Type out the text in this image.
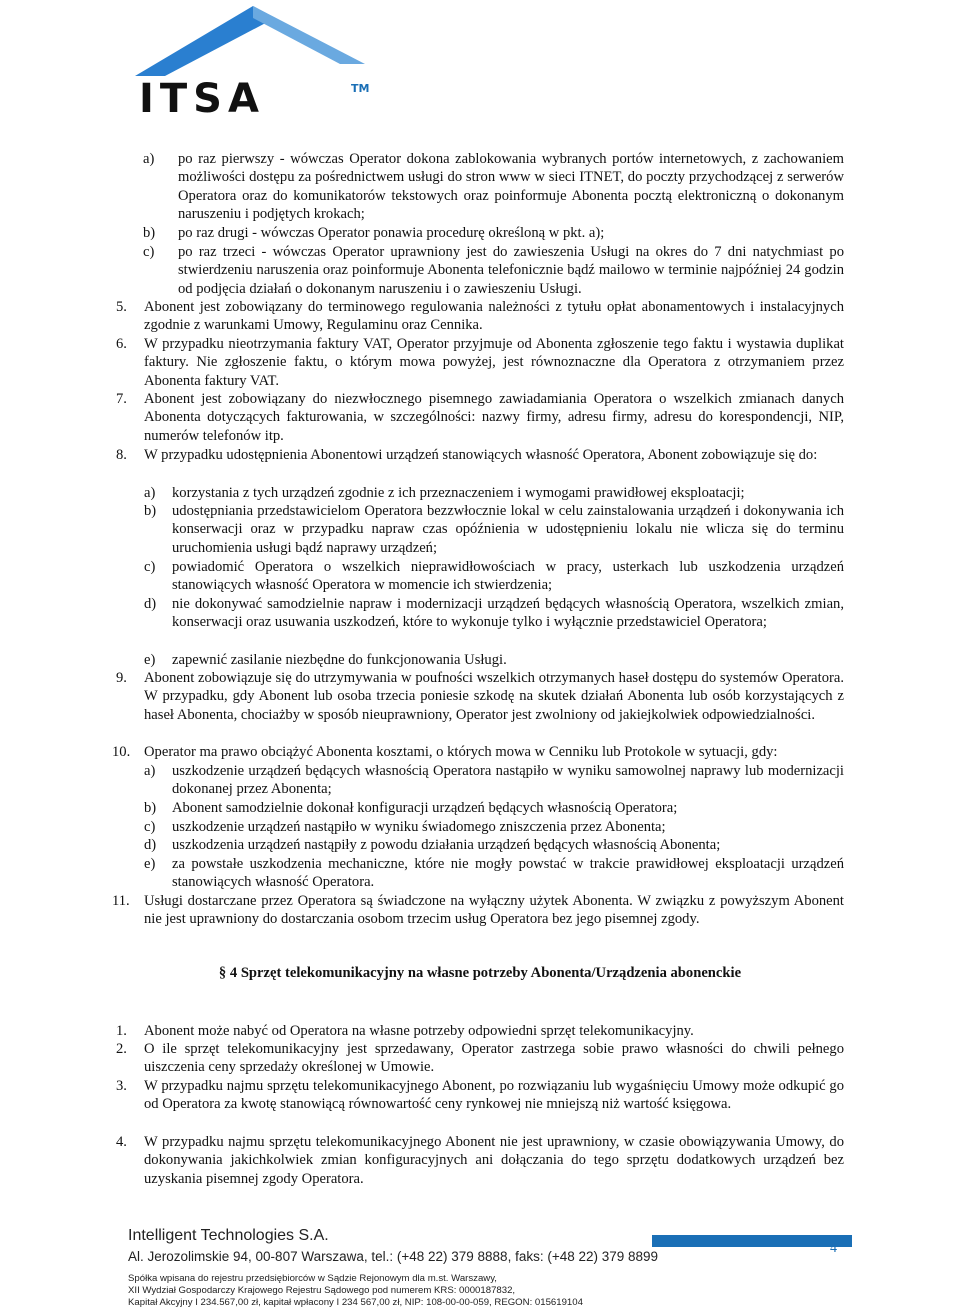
ITSA	TM
a) po raz pierwszy - wówczas Operator dokona zablokowania wybranych portów internetowych, z zachowaniem możliwości dostępu za pośrednictwem usługi do stron www w sieci ITNET, do poczty przychodzącej z serwerów Operatora oraz do komunikatorów tekstowych oraz poinformuje Abonenta pocztą elektroniczną o dokonanym naruszeniu i podjętych krokach;

b) po raz drugi - wówczas Operator ponawia procedurę określoną w pkt. a);

c) po raz trzeci - wówczas Operator uprawniony jest do zawieszenia Usługi na okres do 7 dni natychmiast po stwierdzeniu naruszenia oraz poinformuje Abonenta telefonicznie bądź mailowo w terminie najpóźniej 24 godzin od podjęcia działań o dokonanym naruszeniu i o zawieszeniu Usługi.

5. Abonent jest zobowiązany do terminowego regulowania należności z tytułu opłat abonamentowych i instalacyjnych zgodnie z warunkami Umowy, Regulaminu oraz Cennika.

6. W przypadku nieotrzymania faktury VAT, Operator przyjmuje od Abonenta zgłoszenie tego faktu i wystawia duplikat faktury. Nie zgłoszenie faktu, o którym mowa powyżej, jest równoznaczne dla Operatora z otrzymaniem przez Abonenta faktury VAT.

7. Abonent jest zobowiązany do niezwłocznego pisemnego zawiadamiania Operatora o wszelkich zmianach danych Abonenta dotyczących fakturowania, w szczególności: nazwy firmy, adresu firmy, adresu do korespondencji, NIP, numerów telefonów itp.

8. W przypadku udostępnienia Abonentowi urządzeń stanowiących własność Operatora, Abonent zobowiązuje się do:

a) korzystania z tych urządzeń zgodnie z ich przeznaczeniem i wymogami prawidłowej eksploatacji;

b) udostępniania przedstawicielom Operatora bezzwłocznie lokal w celu zainstalowania urządzeń i dokonywania ich konserwacji oraz w przypadku napraw czas opóźnienia w udostępnieniu lokalu nie wlicza się do terminu uruchomienia usługi bądź naprawy urządzeń;

c) powiadomić Operatora o wszelkich nieprawidłowościach w pracy, usterkach lub uszkodzenia urządzeń stanowiących własność Operatora w momencie ich stwierdzenia;

d) nie dokonywać samodzielnie napraw i modernizacji urządzeń będących własnością Operatora, wszelkich zmian, konserwacji oraz usuwania uszkodzeń, które to wykonuje tylko i wyłącznie przedstawiciel Operatora;

e) zapewnić zasilanie niezbędne do funkcjonowania Usługi.

9. Abonent zobowiązuje się do utrzymywania w poufności wszelkich otrzymanych haseł dostępu do systemów Operatora. W przypadku, gdy Abonent lub osoba trzecia poniesie szkodę na skutek działań Abonenta lub osób korzystających z haseł Abonenta, chociażby w sposób nieuprawniony, Operator jest zwolniony od jakiejkolwiek odpowiedzialności.

10. Operator ma prawo obciążyć Abonenta kosztami, o których mowa w Cenniku lub Protokole w sytuacji, gdy:

a) uszkodzenie urządzeń będących własnością Operatora nastąpiło w wyniku samowolnej naprawy lub modernizacji dokonanej przez Abonenta;

b) Abonent samodzielnie dokonał konfiguracji urządzeń będących własnością Operatora;

c) uszkodzenie urządzeń nastąpiło w wyniku świadomego zniszczenia przez Abonenta;

d) uszkodzenia urządzeń nastąpiły z powodu działania urządzeń będących własnością Abonenta;

e) za powstałe uszkodzenia mechaniczne, które nie mogły powstać w trakcie prawidłowej eksploatacji urządzeń stanowiących własność Operatora.

11. Usługi dostarczane przez Operatora są świadczone na wyłączny użytek Abonenta. W związku z powyższym Abonent nie jest uprawniony do dostarczania osobom trzecim usług Operatora bez jego pisemnej zgody.

§ 4 Sprzęt telekomunikacyjny na własne potrzeby Abonenta/Urządzenia abonenckie
1. Abonent może nabyć od Operatora na własne potrzeby odpowiedni sprzęt telekomunikacyjny.

2. O ile sprzęt telekomunikacyjny jest sprzedawany, Operator zastrzega sobie prawo własności do chwili pełnego uiszczenia ceny sprzedaży określonej w Umowie.

3. W przypadku najmu sprzętu telekomunikacyjnego Abonent, po rozwiązaniu lub wygaśnięciu Umowy może odkupić go od Operatora za kwotę stanowiącą równowartość ceny rynkowej nie mniejszą niż wartość księgowa.

4. W przypadku najmu sprzętu telekomunikacyjnego Abonent nie jest uprawniony, w czasie obowiązywania Umowy, do dokonywania jakichkolwiek zmian konfiguracyjnych ani dołączania do tego sprzętu dodatkowych urządzeń bez uzyskania pisemnej zgody Operatora.

Intelligent Technologies S.A.
4
Al. Jerozolimskie 94, 00-807 Warszawa, tel.: (+48 22) 379 8888, faks: (+48 22) 379 8899
Spółka wpisana do rejestru przedsiębiorców w Sądzie Rejonowym dla m.st. Warszawy,
XII Wydział Gospodarczy Krajowego Rejestru Sądowego pod numerem KRS: 0000187832,
Kapitał Akcyjny I 234.567,00 zł, kapitał wpłacony I 234 567,00 zł, NIP: 108-00-00-059, REGON: 015619104
